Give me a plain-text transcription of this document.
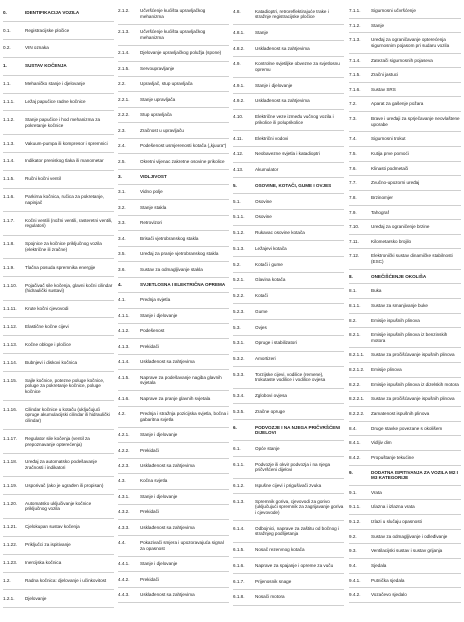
0.	IDENTIFIKACIJA VOZILA
0.1.	Registracijske pločice
0.2.	VIN oznaka
1.	SUSTAV KOČENJA
1.1.	Mehaničko stanje i djelovanje
1.1.1.	Ležaj papučice radne kočnice
1.1.2.	Stanje papučice i hod mehanizma za pokretanje kočnice
1.1.3.	Vakuum-pumpa ili kompresor i spremnici
1.1.4.	Indikator preniskog tlaka ili manometar
1.1.5.	Ručni kočni ventil
1.1.6.	Parkirna kočnica, ručica za pokretanje, napinjač
1.1.7.	Kočni ventili (nožni ventili, rasteretni ventili, regulatori)
1.1.8.	Spojnice za kočnice priključnog vozila (električne ili zračne)
1.1.9.	Tlačna posuda spremnika energije
1.1.10.	Pojačivač sile kočenja, glavni kočni cilindar (hidraulički sustavi)
1.1.11.	Krute kočni cjevovodi
1.1.12.	Elastične kočne cijevi
1.1.13.	Kočne obloge i pločice
1.1.14.	Bubnjevi i diskovi kočnica
1.1.15.	Sajle kočnice, potezne poluge kočnice, poluge za pokretanje kočnice, poluge kočnice
1.1.16.	Cilindar kočnice u kotaču (uključujući opruge akumulacijski cilindar ili hidraulički cilindar)
1.1.17.	Regulator sile kočenja (ventil za prepoznavanje opterećenja)
1.1.18.	Uređaj za automatsko podešavanje zračnosti i indikatori
1.1.19.	Usporivač (ako je ugrađen ili propisan)
1.1.20.	Automatsko uključivanje kočnice priključnog vozila
1.1.21.	Cjelokupan sustav kočenja
1.1.22.	Priključci za ispitivanje
1.1.23.	Inercijska kočnica
1.2.	Radna kočnica: djelovanje i učinkovitost
1.2.1.	Djelovanje
2.1.2.	Učvršćenje kućišta upravljačkog mehanizma
2.1.3.	Učvršćenje kućišta upravljačkog mehanizma
2.1.4.	Djelovanje upravljačkog polužja (spone)
2.1.5.	Servoupravljanje
2.2.	Upravljač, stup upravljača
2.2.1.	Stanje upravljača
2.2.2.	Stup upravljača
2.3.	Zračnost u upravljaču
2.4.	Podešenost usmjerenosti kotača („kjuura“)
2.5.	Okretni vijenac zakretne osovine prikolice
3.	VIDLJIVOST
3.1.	Vidno polje
3.2.	Stanje stakla
3.3.	Retrovizori
3.4.	Brisači vjetrobranskog stakla
3.5.	Uređaj za pranje vjetrobranskog stakla
3.6.	Sustav za odmagljivanje stakla
4.	SVJETLOSNA I ELEKTRIČNA OPREMA
4.1.	Prednja svjetla
4.1.1.	Stanje i djelovanje
4.1.2.	Podešenost
4.1.3.	Prekidači
4.1.4.	Usklađenost sa zahtjevima
4.1.5.	Naprave za podešavanje nagiba glavnih svjetala
4.1.6.	Naprave za pranje glavnih svjetala
4.2.	Prednja i stražnja pozicijska svjetla, bočna i gabaritna svjetla
4.2.1.	Stanje i djelovanje
4.2.2.	Prekidači
4.2.3.	Usklađenost sa zahtjevima
4.3.	Kočna svjetla
4.3.1.	Stanje i djelovanje
4.3.2.	Prekidači
4.3.3.	Usklađenost sa zahtjevima
4.4.	Pokazivači smjera i upozoravajuća signal za opasnost
4.4.1.	Stanje i djelovanje
4.4.2.	Prekidači
4.4.3.	Usklađenost sa zahtjevima
4.8.	Katadioptri, retroreflektirajuće trake i stražnje registracijske pločice
4.8.1.	Stanje
4.8.2.	Usklađenost sa zahtjevima
4.9.	Kontrolne svjetiljke obvezne za svjetlosnu opremu
4.9.1.	Stanje i djelovanje
4.9.2.	Usklađenost sa zahtjevima
4.10.	Električne veze između vučnog vozila i prikolice ili poluprikolice
4.11.	Električni vodovi
4.12.	Neobavezne svjetla i katadioptri
4.13.	Akumulator
5.	OSOVINE, KOTAČI, GUME I OVJES
5.1.	Osovine
5.1.1.	Osovine
5.1.2.	Rukavac osovine kotača
5.1.3.	Ležajevi kotača
5.2.	Kotači i gume
5.2.1.	Glavina kotača
5.2.2.	Kotači
5.2.3.	Gume
5.3.	Ovjes
5.3.1.	Opruge i stabilizatori
5.3.2.	Amortizeri
5.3.3.	Torzijske cijevi, vodilice (remene), trokutaste vodilice i vodilice ovjesa
5.3.4.	Zglobovi ovjesa
5.3.5.	Zračne opruge
6.	PODVOZJE I NA NJEGA PRIČVRŠĆENI DIJELOVI
6.1.	Opće stanje
6.1.1.	Podvozje ili okvir podvozja i na njega pričvršćeni dijelovi
6.1.2.	Ispušne cijevi i prigušivači zvuka
6.1.3.	Spremnik goriva, cjevovodi za gorivo (uključujući spremnik za zagrijavanje goriva i cjevovode)
6.1.4.	Odbojnici, naprave za zaštitu od bočnog i stražnjeg podlijetanja
6.1.5.	Nosač rezervnog kotača
6.1.6.	Naprave za spajanje i opreme za vuču
6.1.7.	Prijenosnik snage
6.1.8.	Nosači motora
7.1.1.	Sigurnosni učvršćenje
7.1.2.	Stanje
7.1.3.	Uređaj za ograničavanje opterećenja sigurnosnim pojasom pri sudaru vozila
7.1.4.	Zatezači sigurnosnih pojaseva
7.1.5.	Zračni jastuci
7.1.6.	Sustav SRS
7.2.	Aparat za gašenje požara
7.3.	Brave i uređaji za sprječavanje neovlaštene uporabe
7.4.	Sigurnosni trokut
7.5.	Kutija prve pomoći
7.6.	Klinasti podmetači
7.7.	Zvučno-upozorni uređaj
7.8.	Brzinomjer
7.9.	Tahograf
7.10.	Uređaj za ograničenje brzine
7.11.	Kilometarsko brojilo
7.12.	Elektronički sustav dinamičke stabilnosti (ESC)
8.	ONEČIŠĆENJE OKOLIŠA
8.1.	Buka
8.1.1.	Sustav za smanjivanje buke
8.2.	Emisije ispušnih plinova
8.2.1.	Emisije ispušnih plinova iz benzinskih motora
8.2.1.1.	Sustav za pročišćavanje ispušnih plinova
8.2.1.2.	Emisije plinova
8.2.2.	Emisije ispušnih plinova iz dizelskih motora
8.2.2.1.	Sustav za pročišćavanje ispušnih plinova
8.2.2.2.	Zamatenost ispušnih plinova
8.4.	Druge stavke povezane s okolišem
8.4.1.	Vidljiv dim
8.4.2.	Propuštanje tekućine
9.	DODATNA ISPITIVANJA ZA VOZILA M2 I M3 KATEGORIJE
9.1.	Vrata
9.1.1.	Ulazna i izlazna vrata
9.1.2.	Izlazi u slučaju opasnosti
9.2.	Sustav za odmagljivanje i odleđivanje
9.3.	Ventilacijski sustav i sustav grijanja
9.4.	Sjedala
9.4.1.	Putnička sjedala
9.4.2.	Vozačevo sjedalo
